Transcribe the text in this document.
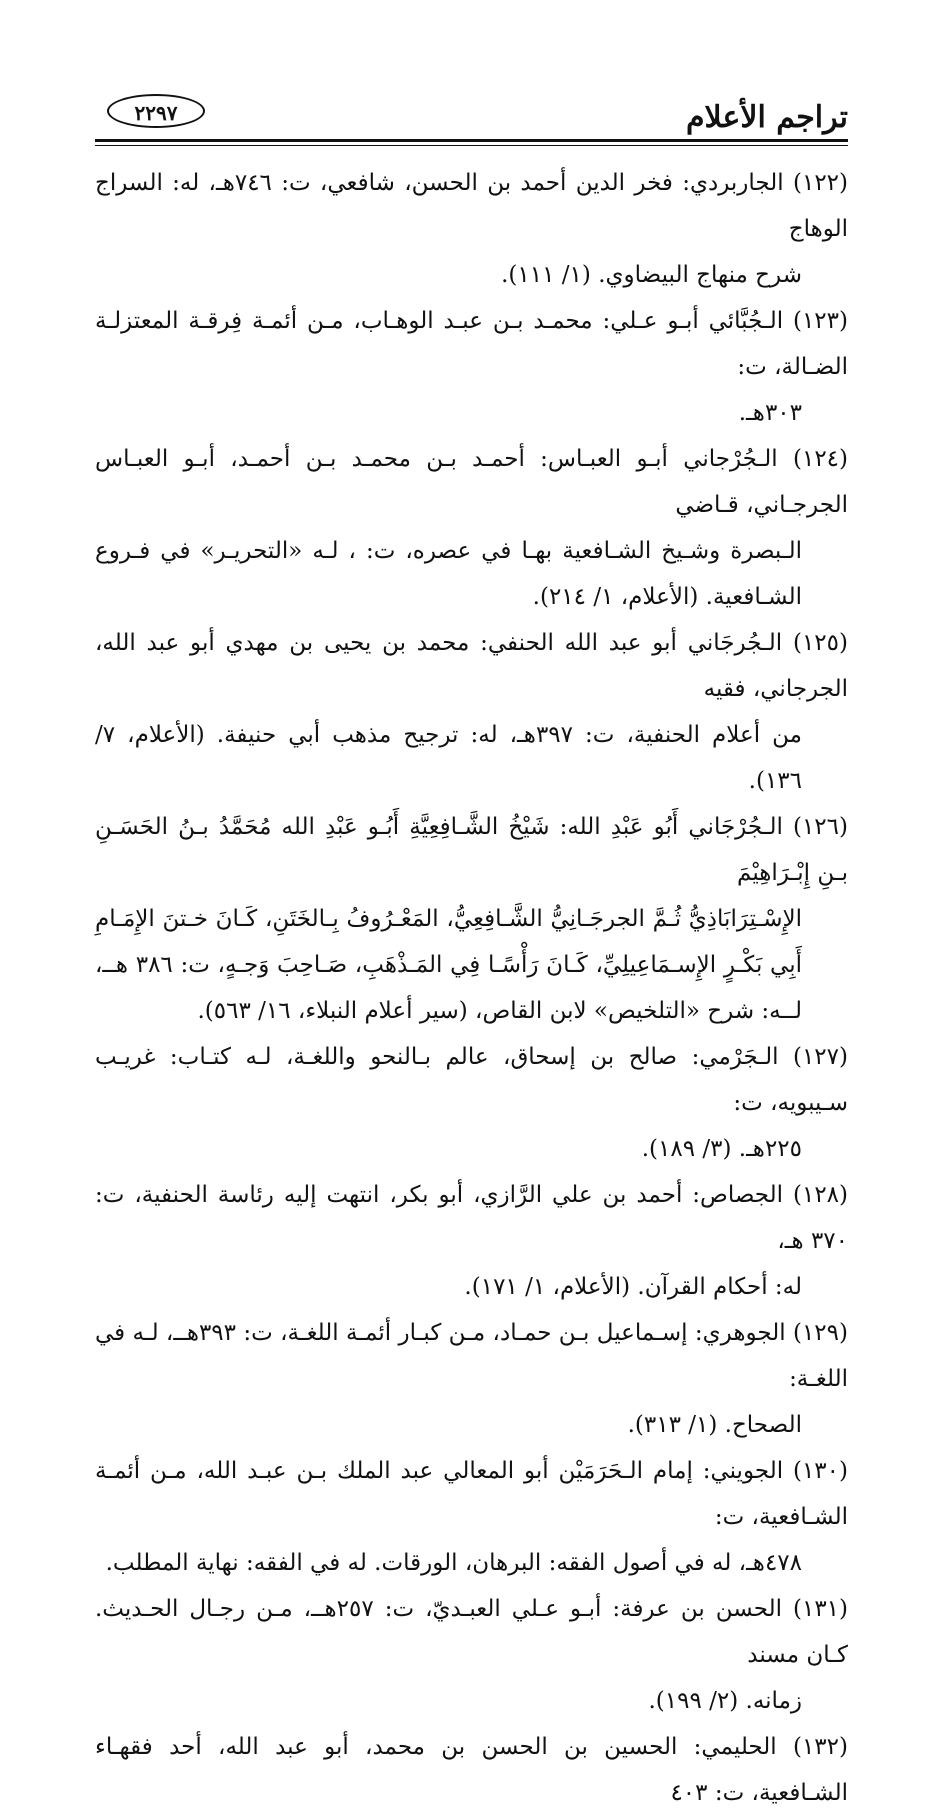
تراجم الأعلام
٢٢٩٧
(١٢٢) الجاربردي: فخر الدين أحمد بن الحسن، شافعي، ت: ٧٤٦هـ، له: السراج الوهاج
شرح منهاج البيضاوي. (١/ ١١١).
(١٢٣) الـجُبَّائي أبـو عـلي: محمـد بـن عبـد الوهـاب، مـن أئمـة فِرقـة المعتزلـة الضـالة، ت:
٣٠٣هـ.
(١٢٤) الـجُرْجاني أبـو العبـاس: أحمـد بـن محمـد بـن أحمـد، أبـو العبـاس الجرجـاني، قـاضي
الـبصرة وشـيخ الشـافعية بهـا في عصره، ت: ، لـه «التحريـر» في فـروع الشـافعية. (الأعلام، ١/ ٢١٤).
(١٢٥) الـجُرجَاني أبو عبد الله الحنفي: محمد بن يحيى بن مهدي أبو عبد الله، الجرجاني، فقيه
من أعلام الحنفية، ت: ٣٩٧هـ، له: ترجيح مذهب أبي حنيفة. (الأعلام، ٧/ ١٣٦).
(١٢٦) الـجُرْجَاني أَبُو عَبْدِ الله: شَيْخُ الشَّـافِعِيَّةِ أَبُـو عَبْدِ الله مُحَمَّدُ بـنُ الحَسَـنِ بـنِ إِبْـرَاهِيْمَ
الإِسْـتِرَابَاذِيُّ ثُـمَّ الجرجَـانِيُّ الشَّـافِعِيُّ، المَعْـرُوفُ بِـالخَتَنِ، كَـانَ خـتنَ الإِمَـامِ أَبِي بَكْـرٍ الإِسـمَاعِيلِيِّ، كَـانَ رَأْسًـا فِي المَـذْهَبِ، صَـاحِبَ وَجـهٍ، ت: ٣٨٦ هــ، لــه: شرح «التلخيص» لابن القاص، (سير أعلام النبلاء، ١٦/ ٥٦٣).
(١٢٧) الـجَرْمي: صالح بن إسحاق، عالم بـالنحو واللغـة، لـه كتـاب: غريـب سـيبويه، ت:
٢٢٥هـ. (٣/ ١٨٩).
(١٢٨) الجصاص: أحمد بن علي الرَّازي، أبو بكر، انتهت إليه رئاسة الحنفية، ت: ٣٧٠ هـ،
له: أحكام القرآن. (الأعلام، ١/ ١٧١).
(١٢٩) الجوهري: إسـماعيل بـن حمـاد، مـن كبـار أئمـة اللغـة، ت: ٣٩٣هــ، لـه في اللغـة:
الصحاح. (١/ ٣١٣).
(١٣٠) الجويني: إمام الـحَرَمَيْن أبو المعالي عبد الملك بـن عبـد الله، مـن أئمـة الشـافعية، ت:
٤٧٨هـ، له في أصول الفقه: البرهان، الورقات. له في الفقه: نهاية المطلب.
(١٣١) الحسن بن عرفة: أبـو عـلي العبـديّ، ت: ٢٥٧هــ، مـن رجـال الحـديث. كـان مسند
زمانه. (٢/ ١٩٩).
(١٣٢) الحليمي: الحسين بن الحسن بن محمد، أبو عبد الله، أحد فقهـاء الشـافعية، ت: ٤٠٣
